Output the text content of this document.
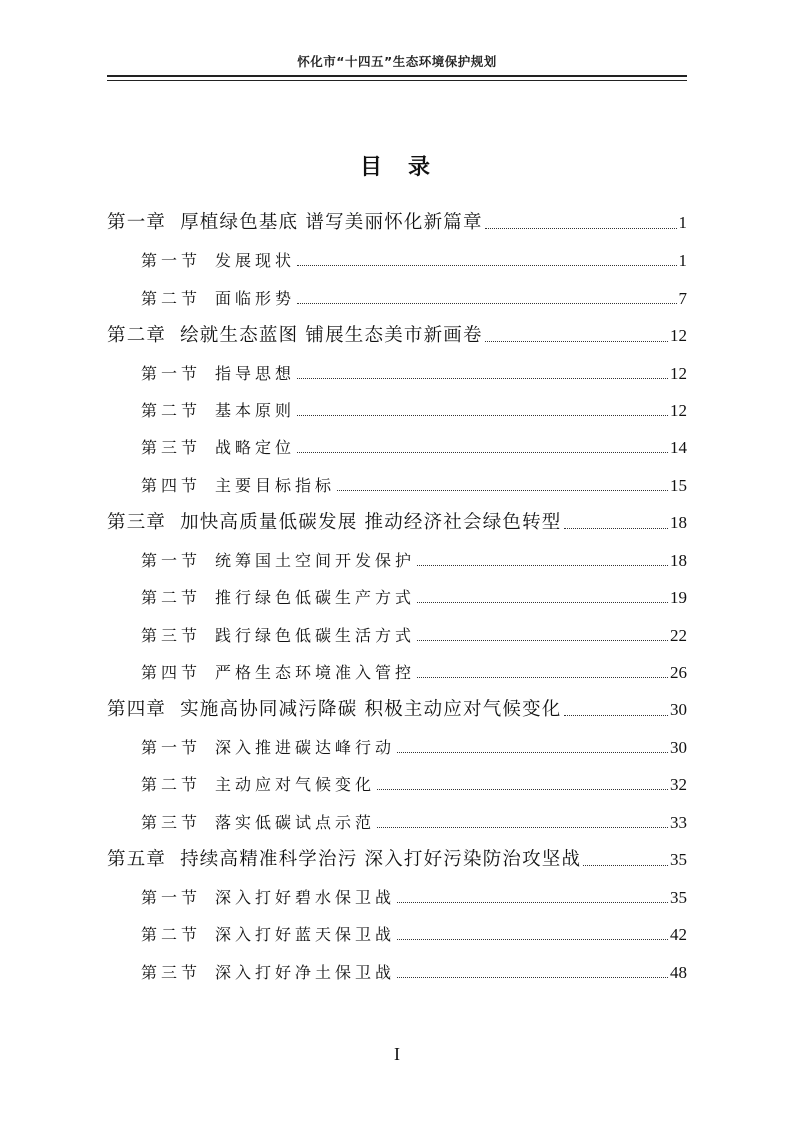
怀化市“十四五”生态环境保护规划
目 录
第一章 厚植绿色基底 谱写美丽怀化新篇章	1
第一节 发展现状	1
第二节 面临形势	7
第二章 绘就生态蓝图 铺展生态美市新画卷	12
第一节 指导思想	12
第二节 基本原则	12
第三节 战略定位	14
第四节 主要目标指标	15
第三章 加快高质量低碳发展 推动经济社会绿色转型	18
第一节 统筹国土空间开发保护	18
第二节 推行绿色低碳生产方式	19
第三节 践行绿色低碳生活方式	22
第四节 严格生态环境准入管控	26
第四章 实施高协同减污降碳 积极主动应对气候变化	30
第一节 深入推进碳达峰行动	30
第二节 主动应对气候变化	32
第三节 落实低碳试点示范	33
第五章 持续高精准科学治污 深入打好污染防治攻坚战	35
第一节 深入打好碧水保卫战	35
第二节 深入打好蓝天保卫战	42
第三节 深入打好净土保卫战	48
I
